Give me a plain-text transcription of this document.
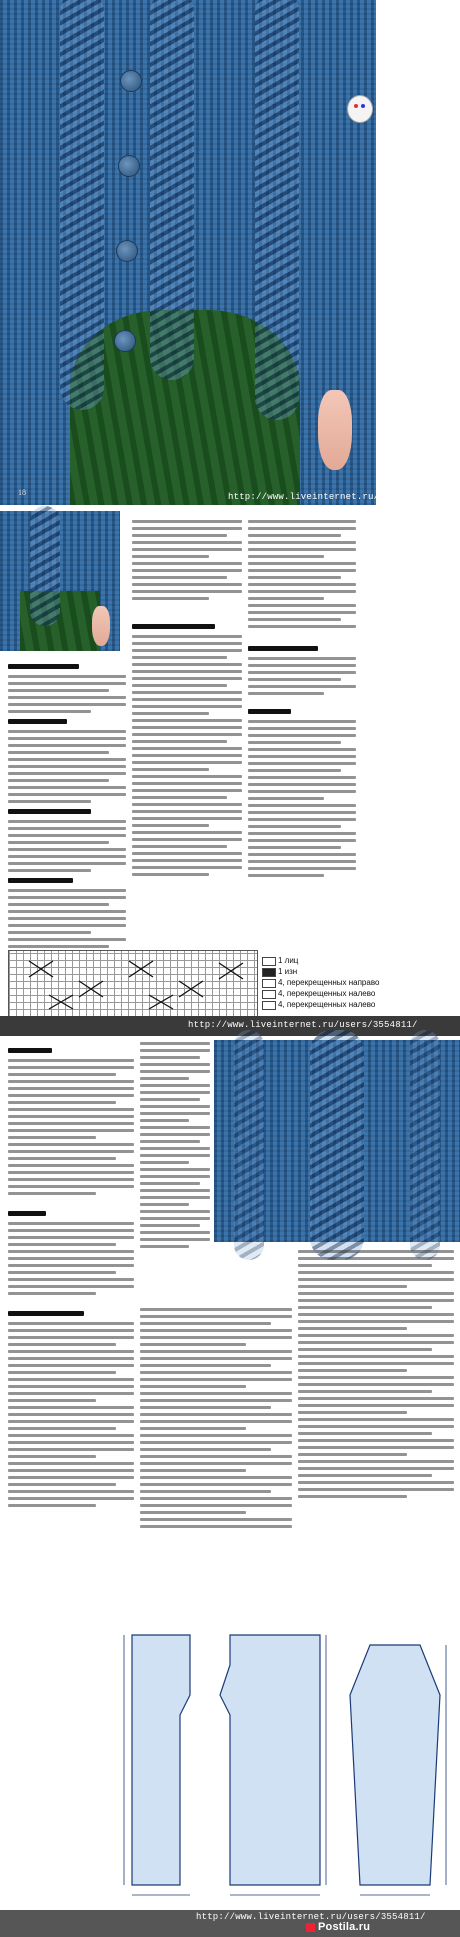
18	http://www.liveinternet.ru/users/3554811/
1 лиц
1 изн
4, перекрещенных направо
4, перекрещенных налево
4, перекрещенных налево
http://www.liveinternet.ru/users/3554811/
http://www.liveinternet.ru/users/3554811/
Postila.ru
